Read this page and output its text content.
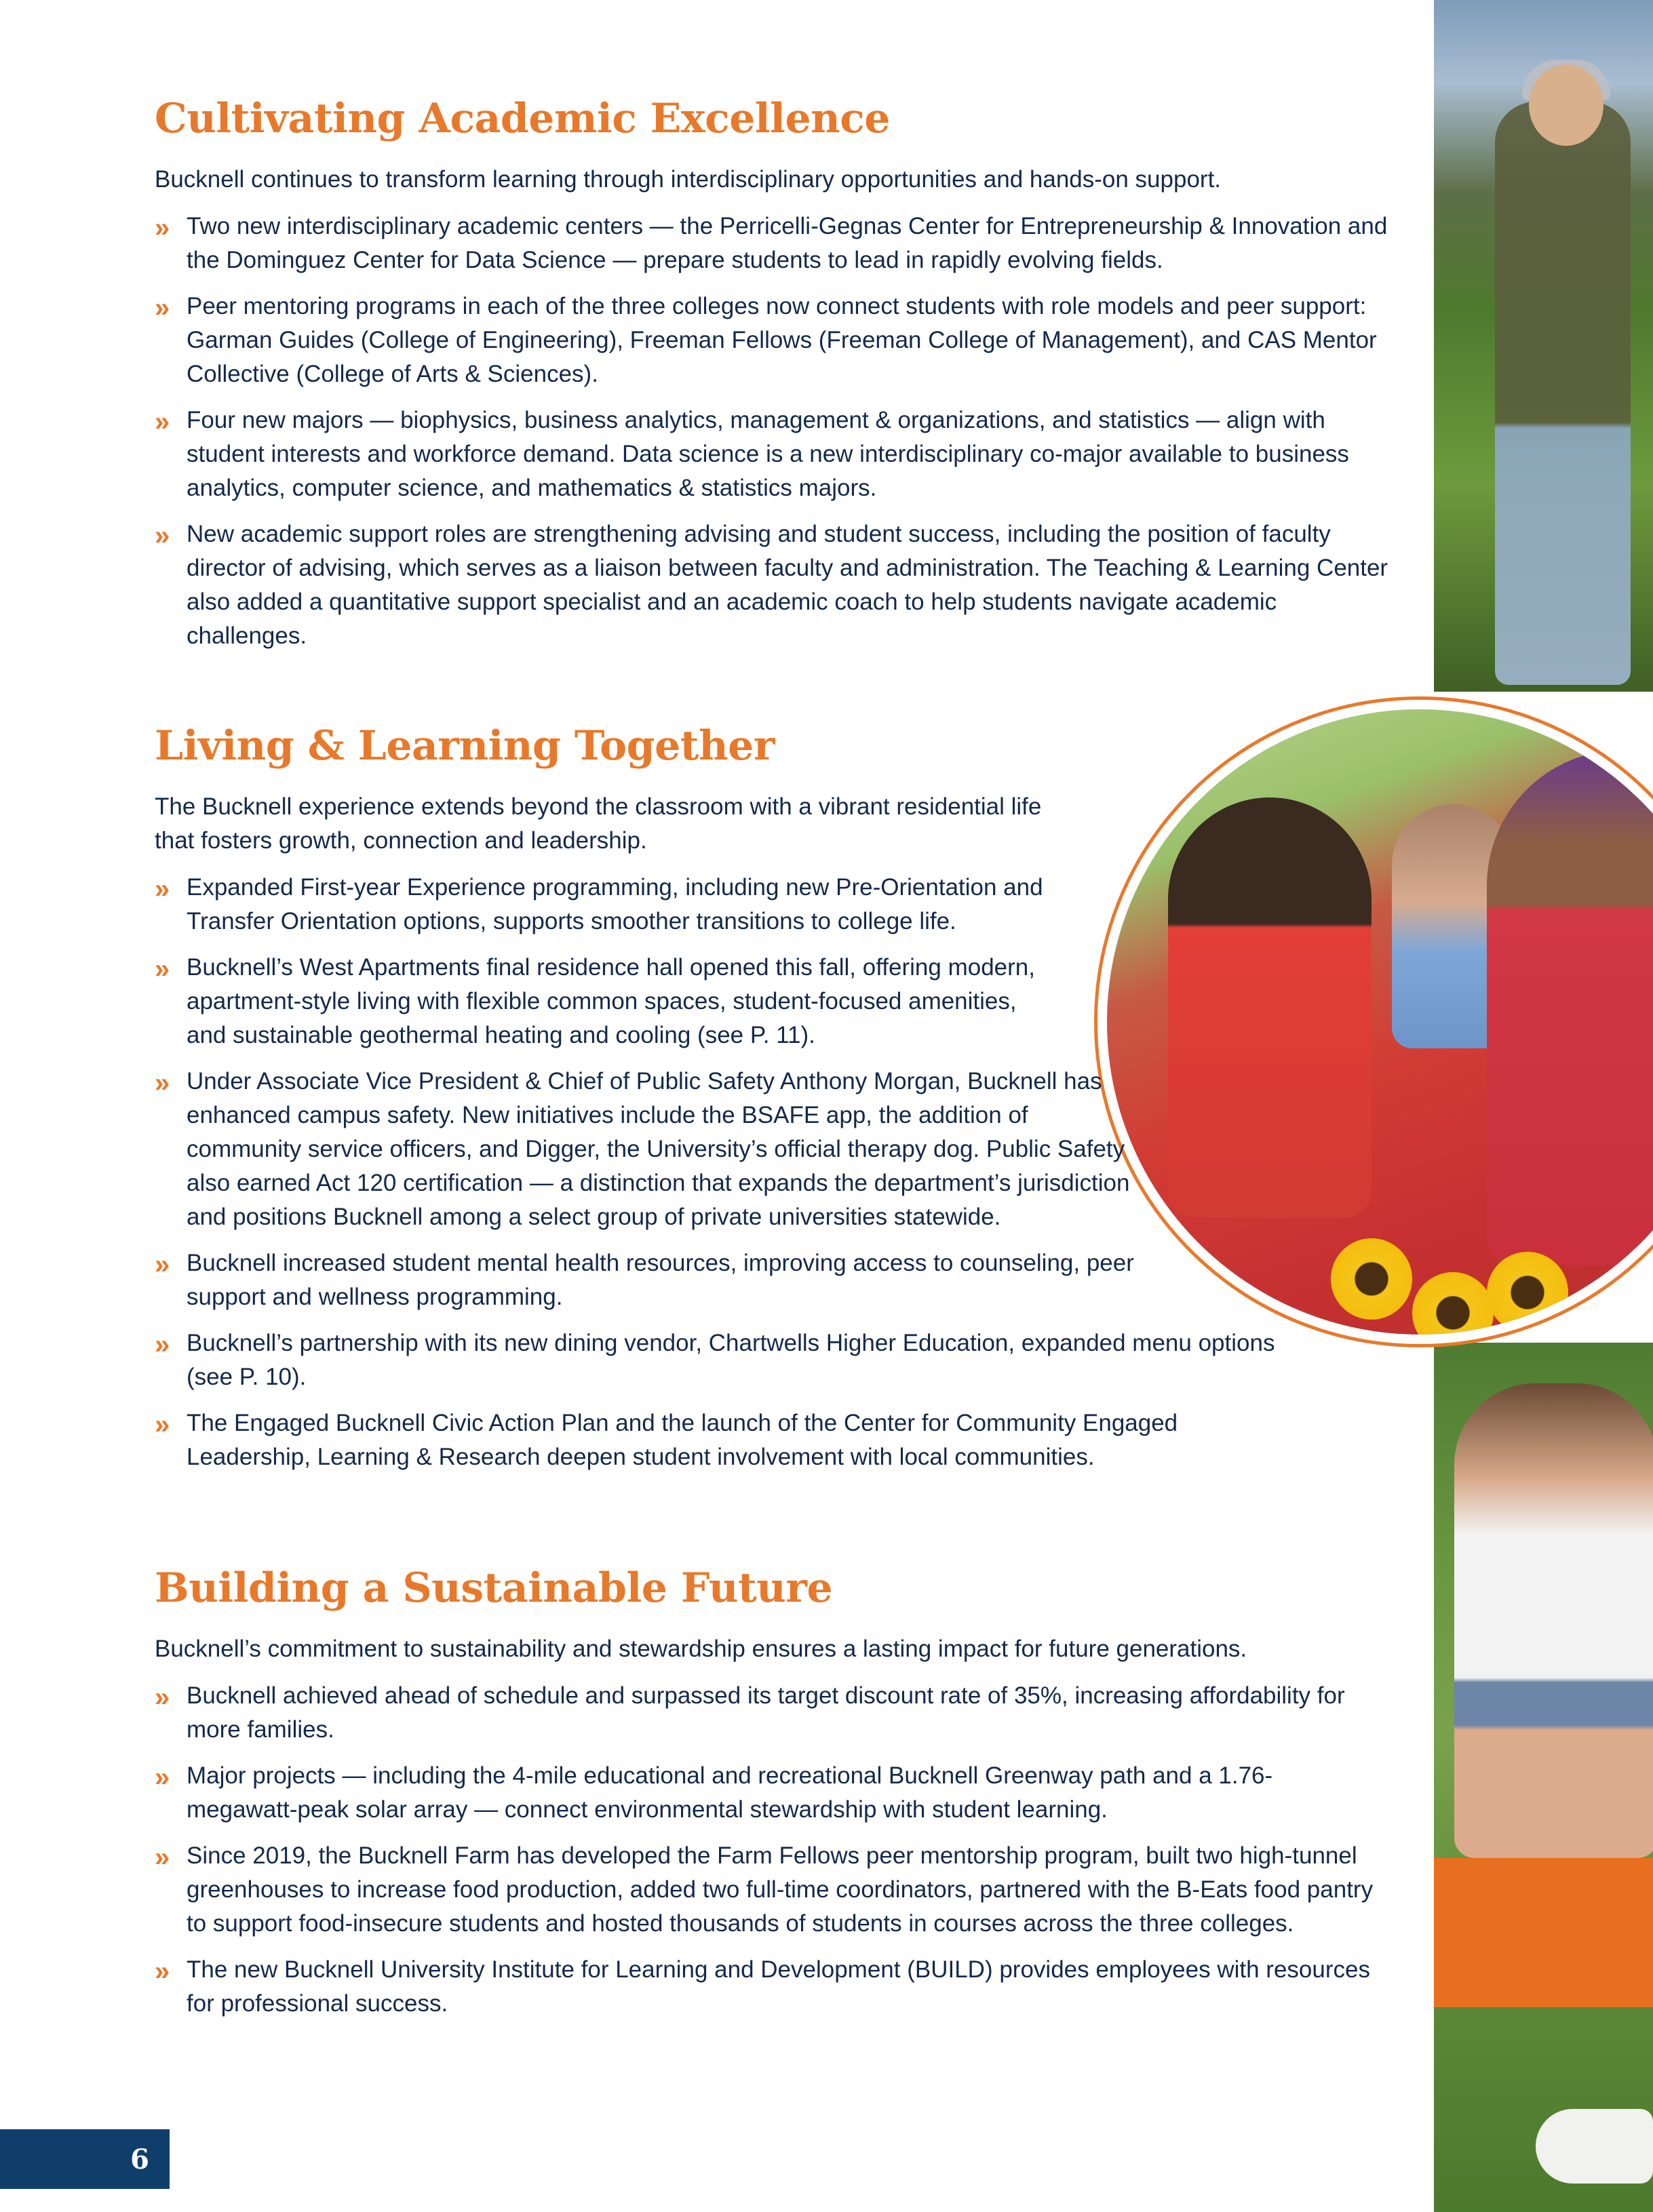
Cultivating Academic Excellence

Bucknell continues to transform learning through interdisciplinary opportunities and hands-on support.

» Two new interdisciplinary academic centers — the Perricelli-Gegnas Center for Entrepreneurship & Innovation and the Dominguez Center for Data Science — prepare students to lead in rapidly evolving fields.
» Peer mentoring programs in each of the three colleges now connect students with role models and peer support: Garman Guides (College of Engineering), Freeman Fellows (Freeman College of Management), and CAS Mentor Collective (College of Arts & Sciences).
» Four new majors — biophysics, business analytics, management & organizations, and statistics — align with student interests and workforce demand. Data science is a new interdisciplinary co-major available to business analytics, computer science, and mathematics & statistics majors.
» New academic support roles are strengthening advising and student success, including the position of faculty director of advising, which serves as a liaison between faculty and administration. The Teaching & Learning Center also added a quantitative support specialist and an academic coach to help students navigate academic challenges.
Living & Learning Together

The Bucknell experience extends beyond the classroom with a vibrant residential life that fosters growth, connection and leadership.

» Expanded First-year Experience programming, including new Pre-Orientation and Transfer Orientation options, supports smoother transitions to college life.
» Bucknell’s West Apartments final residence hall opened this fall, offering modern, apartment-style living with flexible common spaces, student-focused amenities, and sustainable geothermal heating and cooling (see P. 11).
» Under Associate Vice President & Chief of Public Safety Anthony Morgan, Bucknell has enhanced campus safety. New initiatives include the BSAFE app, the addition of community service officers, and Digger, the University’s official therapy dog. Public Safety also earned Act 120 certification — a distinction that expands the department’s jurisdiction and positions Bucknell among a select group of private universities statewide.
» Bucknell increased student mental health resources, improving access to counseling, peer support and wellness programming.
» Bucknell’s partnership with its new dining vendor, Chartwells Higher Education, expanded menu options (see P. 10).
» The Engaged Bucknell Civic Action Plan and the launch of the Center for Community Engaged Leadership, Learning & Research deepen student involvement with local communities.
Building a Sustainable Future

Bucknell’s commitment to sustainability and stewardship ensures a lasting impact for future generations.

» Bucknell achieved ahead of schedule and surpassed its target discount rate of 35%, increasing affordability for more families.
» Major projects — including the 4-mile educational and recreational Bucknell Greenway path and a 1.76-megawatt-peak solar array — connect environmental stewardship with student learning.
» Since 2019, the Bucknell Farm has developed the Farm Fellows peer mentorship program, built two high-tunnel greenhouses to increase food production, added two full-time coordinators, partnered with the B-Eats food pantry to support food-insecure students and hosted thousands of students in courses across the three colleges.
» The new Bucknell University Institute for Learning and Development (BUILD) provides employees with resources for professional success.
6
